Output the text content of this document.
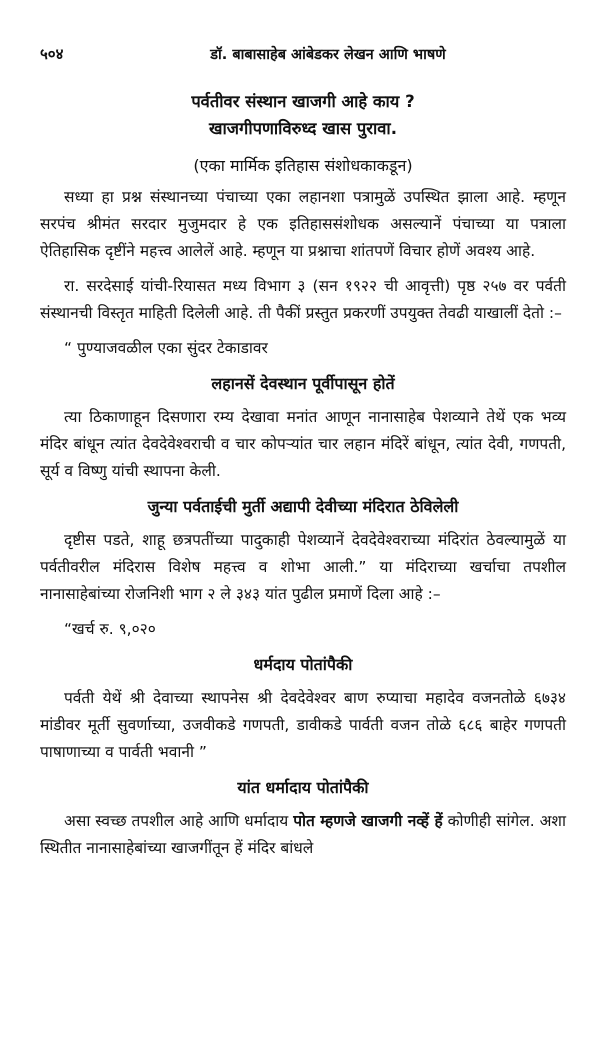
५०४	डॉ. बाबासाहेब आंबेडकर लेखन आणि भाषणे

पर्वतीवर संस्थान खाजगी आहे काय ?

खाजगीपणाविरुध्द खास पुरावा.

(एका मार्मिक इतिहास संशोधकाकडून)

सध्या हा प्रश्न संस्थानच्या पंचाच्या एका लहानशा पत्रामुळें उपस्थित झाला आहे. म्हणून सरपंच श्रीमंत सरदार मुजुमदार हे एक इतिहाससंशोधक असल्यानें पंचाच्या या पत्राला ऐतिहासिक दृष्टींने महत्त्व आलेलें आहे. म्हणून या प्रश्नाचा शांतपणें विचार होणें अवश्य आहे.

रा. सरदेसाई यांची-रियासत मध्य विभाग ३ (सन १९२२ ची आवृत्ती) पृष्ठ २५७ वर पर्वती संस्थानची विस्तृत माहिती दिलेली आहे. ती पैकीं प्रस्तुत प्रकरणीं उपयुक्त तेवढी याखालीं देतो :–

“ पुण्याजवळील एका सुंदर टेकाडावर

लहानसें देवस्थान पूर्वीपासून होतें

त्या ठिकाणाहून दिसणारा रम्य देखावा मनांत आणून नानासाहेब पेशव्याने तेथें एक भव्य मंदिर बांधून त्यांत देवदेवेश्वराची व चार कोपऱ्यांत चार लहान मंदिरें बांधून, त्यांत देवी, गणपती, सूर्य व विष्णु यांची स्थापना केली.

जुन्या पर्वताईची मुर्ती अद्यापी देवीच्या मंदिरात ठेविलेली

दृष्टीस पडते, शाहू छत्रपतींच्या पादुकाही पेशव्यानें देवदेवेश्वराच्या मंदिरांत ठेवल्यामुळें या पर्वतीवरील मंदिरास विशेष महत्त्व व शोभा आली.” या मंदिराच्या खर्चाचा तपशील नानासाहेबांच्या रोजनिशी भाग २ ले ३४३ यांत पुढील प्रमाणें दिला आहे :–

“खर्च रु. ९,०२०

धर्मदाय पोतांपैकी

पर्वती येथें श्री देवाच्या स्थापनेस श्री देवदेवेश्वर बाण रुप्याचा महादेव वजनतोळे ६७३४ मांडीवर मूर्ती सुवर्णाच्या, उजवीकडे गणपती, डावीकडे पार्वती वजन तोळे ६८६ बाहेर गणपती पाषाणाच्या व पार्वती भवानी ”

यांत धर्मादाय पोतांपैकी

असा स्वच्छ तपशील आहे आणि धर्मादाय पोत म्हणजे खाजगी नव्हें हें कोणीही सांगेल. अशा स्थितीत नानासाहेबांच्या खाजगींतून हें मंदिर बांधले
